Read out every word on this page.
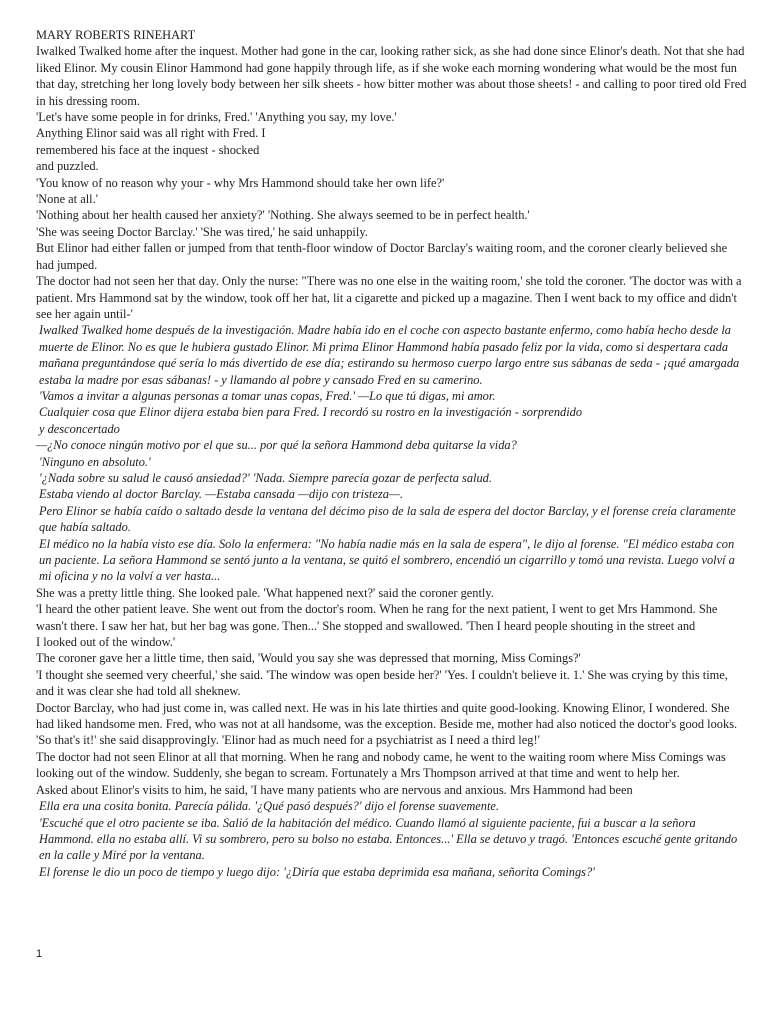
MARY ROBERTS RINEHART

Iwalked Twalked home after the inquest. Mother had gone in the car, looking rather sick, as she had done since Elinor's death. Not that she had liked Elinor. My cousin Elinor Hammond had gone happily through life, as if she woke each morning wondering what would be the most fun that day, stretching her long lovely body between her silk sheets - how bitter mother was about those sheets! - and calling to poor tired old Fred in his dressing room.

'Let's have some people in for drinks, Fred.' 'Anything you say, my love.'

Anything Elinor said was all right with Fred. I

remembered his face at the inquest - shocked

and puzzled.

'You know of no reason why your - why Mrs Hammond should take her own life?'

'None at all.'

'Nothing about her health caused her anxiety?' 'Nothing. She always seemed to be in perfect health.'

'She was seeing Doctor Barclay.' 'She was tired,' he said unhappily.

But Elinor had either fallen or jumped from that tenth-floor window of Doctor Barclay's waiting room, and the coroner clearly believed she had jumped.

The doctor had not seen her that day. Only the nurse: "There was no one else in the waiting room,' she told the coroner. 'The doctor was with a patient. Mrs Hammond sat by the window, took off her hat, lit a cigarette and picked up a magazine. Then I went back to my office and didn't see her again until-'

Iwalked Twalked home después de la investigación. Madre había ido en el coche con aspecto bastante enfermo, como había hecho desde la muerte de Elinor. No es que le hubiera gustado Elinor. Mi prima Elinor Hammond había pasado feliz por la vida, como si despertara cada mañana preguntándose qué sería lo más divertido de ese día; estirando su hermoso cuerpo largo entre sus sábanas de seda - ¡qué amargada estaba la madre por esas sábanas! - y llamando al pobre y cansado Fred en su camerino.

'Vamos a invitar a algunas personas a tomar unas copas, Fred.' —Lo que tú digas, mi amor.

Cualquier cosa que Elinor dijera estaba bien para Fred. I recordó su rostro en la investigación - sorprendido

y desconcertado

—¿No conoce ningún motivo por el que su... por qué la señora Hammond deba quitarse la vida?

'Ninguno en absoluto.'

'¿Nada sobre su salud le causó ansiedad?' 'Nada. Siempre parecía gozar de perfecta salud.

Estaba viendo al doctor Barclay. —Estaba cansada —dijo con tristeza—.

Pero Elinor se había caído o saltado desde la ventana del décimo piso de la sala de espera del doctor Barclay, y el forense creía claramente que había saltado.

El médico no la había visto ese día. Solo la enfermera: "No había nadie más en la sala de espera", le dijo al forense. "El médico estaba con un paciente. La señora Hammond se sentó junto a la ventana, se quitó el sombrero, encendió un cigarrillo y tomó una revista. Luego volví a mi oficina y no la volví a ver hasta...

She was a pretty little thing. She looked pale. 'What happened next?' said the coroner gently.

'I heard the other patient leave. She went out from the doctor's room. When he rang for the next patient, I went to get Mrs Hammond. She wasn't there. I saw her hat, but her bag was gone. Then...' She stopped and swallowed. 'Then I heard people shouting in the street and

I looked out of the window.'

The coroner gave her a little time, then said, 'Would you say she was depressed that morning, Miss Comings?'

'I thought she seemed very cheerful,' she said. 'The window was open beside her?' 'Yes. I couldn't believe it. 1.' She was crying by this time, and it was clear she had told all sheknew.

Doctor Barclay, who had just come in, was called next. He was in his late thirties and quite good-looking. Knowing Elinor, I wondered. She had liked handsome men. Fred, who was not at all handsome, was the exception. Beside me, mother had also noticed the doctor's good looks. 'So that's it!' she said disapprovingly. 'Elinor had as much need for a psychiatrist as I need a third leg!'

The doctor had not seen Elinor at all that morning. When he rang and nobody came, he went to the waiting room where Miss Comings was looking out of the window. Suddenly, she began to scream. Fortunately a Mrs Thompson arrived at that time and went to help her.

Asked about Elinor's visits to him, he said, 'I have many patients who are nervous and anxious. Mrs Hammond had been

Ella era una cosita bonita. Parecía pálida. '¿Qué pasó después?' dijo el forense suavemente.

'Escuché que el otro paciente se iba. Salió de la habitación del médico. Cuando llamó al siguiente paciente, fui a buscar a la señora Hammond. ella no estaba allí. Vi su sombrero, pero su bolso no estaba. Entonces...' Ella se detuvo y tragó. 'Entonces escuché gente gritando en la calle y Miré por la ventana.

El forense le dio un poco de tiempo y luego dijo: '¿Diría que estaba deprimida esa mañana, señorita Comings?'

1
